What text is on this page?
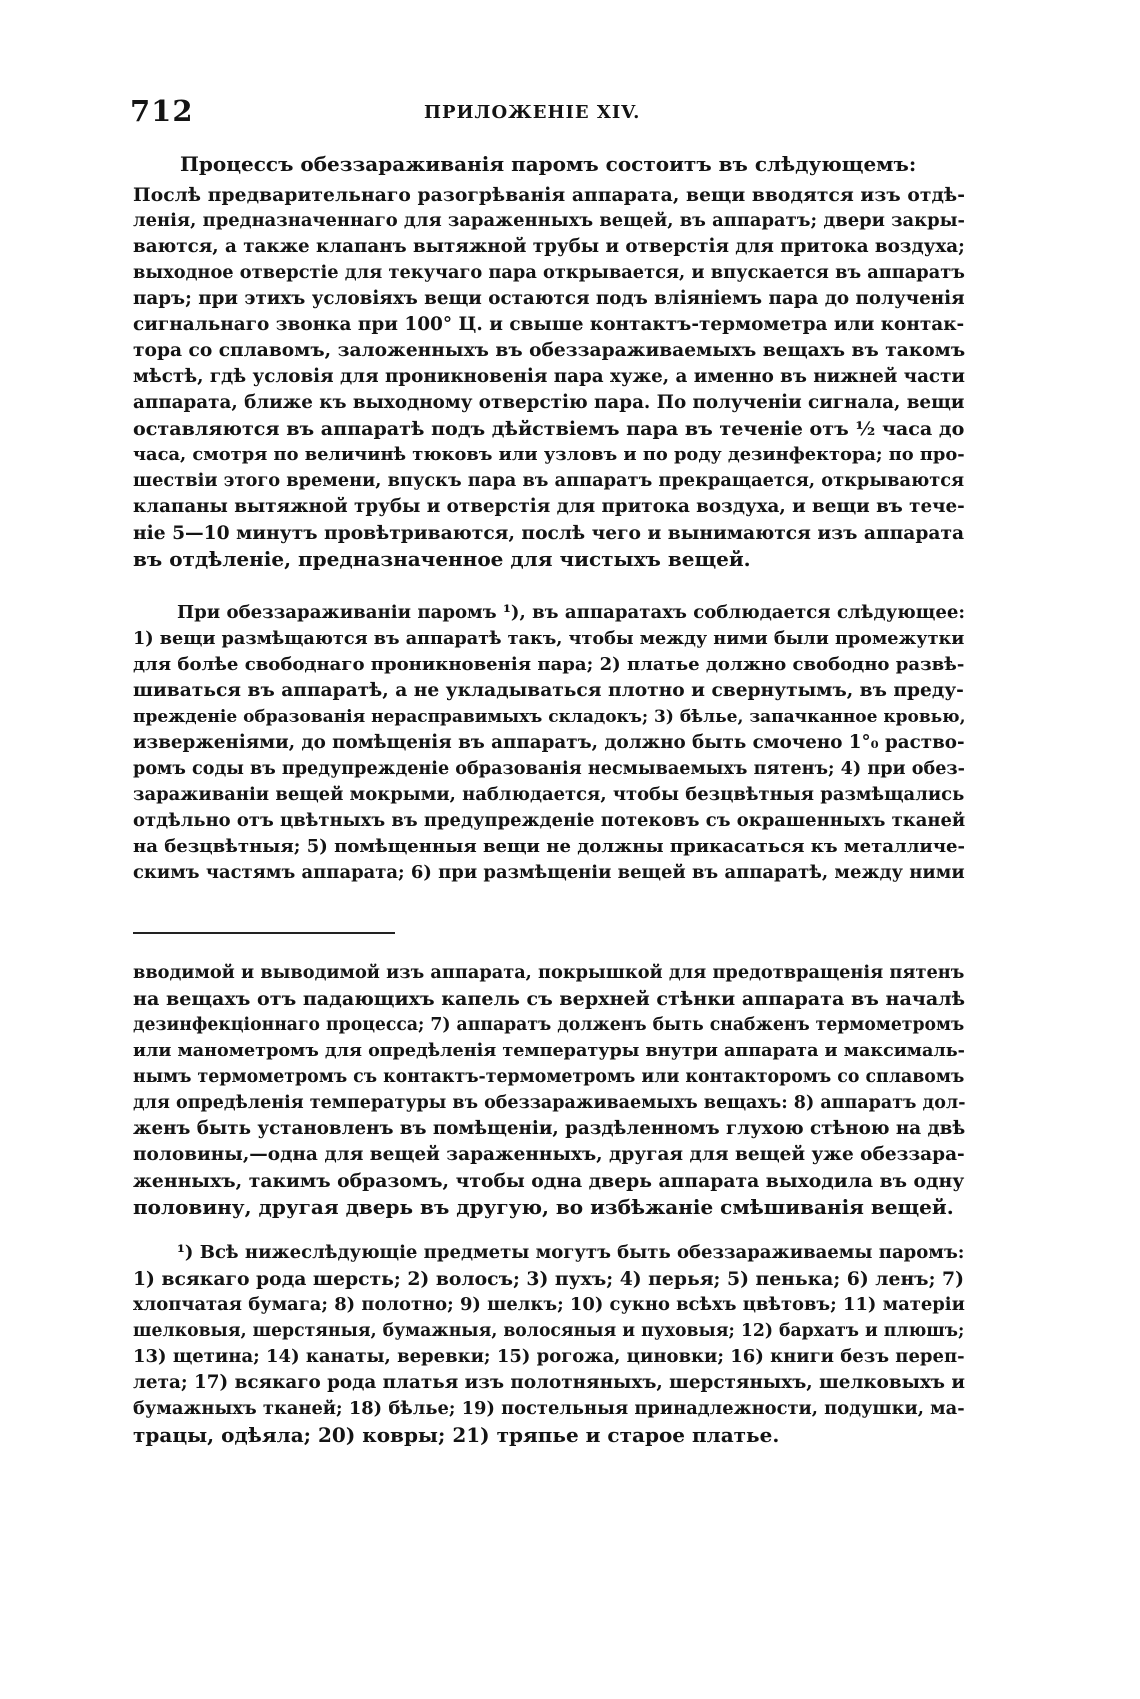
712	ПРИЛОЖЕНІЕ XIV.
Процессъ обеззараживанія паромъ состоитъ въ слѣдующемъ:
Послѣ предварительнаго разогрѣванія аппарата, вещи вводятся изъ отдѣ-
ленія, предназначеннаго для зараженныхъ вещей, въ аппаратъ; двери закры-
ваются, а также клапанъ вытяжной трубы и отверстія для притока воздуха;
выходное отверстіе для текучаго пара открывается, и впускается въ аппаратъ
паръ; при этихъ условіяхъ вещи остаются подъ вліяніемъ пара до полученія
сигнальнаго звонка при 100° Ц. и свыше контактъ-термометра или контак-
тора со сплавомъ, заложенныхъ въ обеззараживаемыхъ вещахъ въ такомъ
мѣстѣ, гдѣ условія для проникновенія пара хуже, а именно въ нижней части
аппарата, ближе къ выходному отверстію пара. По полученіи сигнала, вещи
оставляются въ аппаратѣ подъ дѣйствіемъ пара въ теченіе отъ ½ часа до
часа, смотря по величинѣ тюковъ или узловъ и по роду дезинфектора; по про-
шествіи этого времени, впускъ пара въ аппаратъ прекращается, открываются
клапаны вытяжной трубы и отверстія для притока воздуха, и вещи въ тече-
ніе 5—10 минутъ провѣтриваются, послѣ чего и вынимаются изъ аппарата
въ отдѣленіе, предназначенное для чистыхъ вещей.
При обеззараживаніи паромъ ¹), въ аппаратахъ соблюдается слѣдующее:
1) вещи размѣщаются въ аппаратѣ такъ, чтобы между ними были промежутки
для болѣе свободнаго проникновенія пара; 2) платье должно свободно развѣ-
шиваться въ аппаратѣ, а не укладываться плотно и свернутымъ, въ преду-
прежденіе образованія нерасправимыхъ складокъ; 3) бѣлье, запачканное кровью,
изверженіями, до помѣщенія въ аппаратъ, должно быть смочено 1°₀ раство-
ромъ соды въ предупрежденіе образованія несмываемыхъ пятенъ; 4) при обез-
зараживаніи вещей мокрыми, наблюдается, чтобы безцвѣтныя размѣщались
отдѣльно отъ цвѣтныхъ въ предупрежденіе потековъ съ окрашенныхъ тканей
на безцвѣтныя; 5) помѣщенныя вещи не должны прикасаться къ металличе-
скимъ частямъ аппарата; 6) при размѣщеніи вещей въ аппаратѣ, между ними
вводимой и выводимой изъ аппарата, покрышкой для предотвращенія пятенъ
на вещахъ отъ падающихъ капель съ верхней стѣнки аппарата въ началѣ
дезинфекціоннаго процесса; 7) аппаратъ долженъ быть снабженъ термометромъ
или манометромъ для опредѣленія температуры внутри аппарата и максималь-
нымъ термометромъ съ контактъ-термометромъ или контакторомъ со сплавомъ
для опредѣленія температуры въ обеззараживаемыхъ вещахъ: 8) аппаратъ дол-
женъ быть установленъ въ помѣщеніи, раздѣленномъ глухою стѣною на двѣ
половины,—одна для вещей зараженныхъ, другая для вещей уже обеззара-
женныхъ, такимъ образомъ, чтобы одна дверь аппарата выходила въ одну
половину, другая дверь въ другую, во избѣжаніе смѣшиванія вещей.
¹) Всѣ нижеслѣдующіе предметы могутъ быть обеззараживаемы паромъ:
1) всякаго рода шерсть; 2) волосъ; 3) пухъ; 4) перья; 5) пенька; 6) ленъ; 7)
хлопчатая бумага; 8) полотно; 9) шелкъ; 10) сукно всѣхъ цвѣтовъ; 11) матеріи
шелковыя, шерстяныя, бумажныя, волосяныя и пуховыя; 12) бархатъ и плюшъ;
13) щетина; 14) канаты, веревки; 15) рогожа, циновки; 16) книги безъ переп-
лета; 17) всякаго рода платья изъ полотняныхъ, шерстяныхъ, шелковыхъ и
бумажныхъ тканей; 18) бѣлье; 19) постельныя принадлежности, подушки, ма-
трацы, одѣяла; 20) ковры; 21) тряпье и старое платье.
